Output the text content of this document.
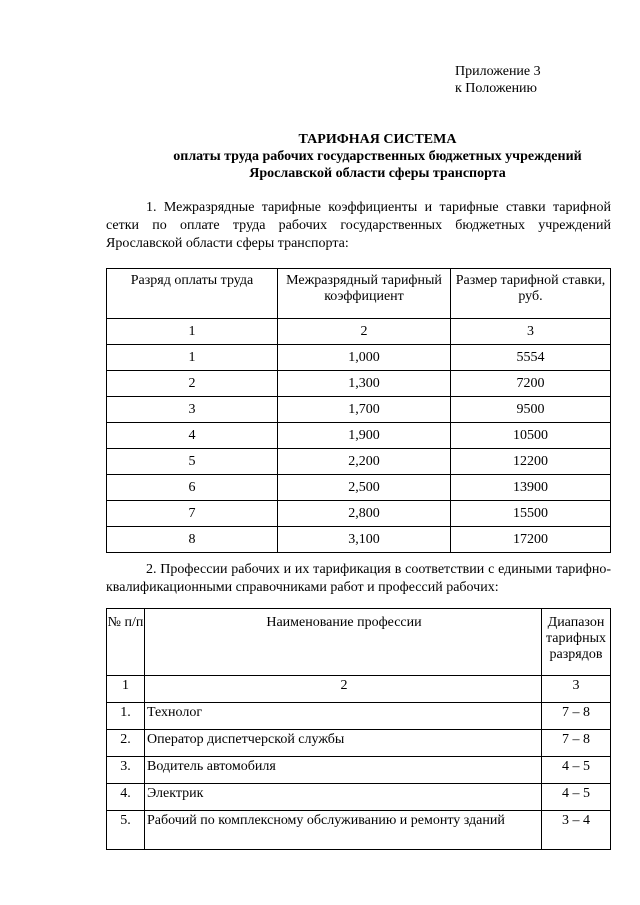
Приложение 3
к Положению
ТАРИФНАЯ СИСТЕМА
оплаты труда рабочих государственных бюджетных учреждений
Ярославской области сферы транспорта
1. Межразрядные тарифные коэффициенты и тарифные ставки тарифной сетки по оплате труда рабочих государственных бюджетных учреждений Ярославской области сферы транспорта:
Разряд оплаты труда	Межразрядный тарифный коэффициент	Размер тарифной ставки, руб.
1	2	3
1	1,000	5554
2	1,300	7200
3	1,700	9500
4	1,900	10500
5	2,200	12200
6	2,500	13900
7	2,800	15500
8	3,100	17200
2. Профессии рабочих и их тарификация в соответствии с едиными тарифно-квалификационными справочниками работ и профессий рабочих:
№ п/п	Наименование профессии	Диапазон тарифных разрядов
1	2	3
1.	Технолог	7 – 8
2.	Оператор диспетчерской службы	7 – 8
3.	Водитель автомобиля	4 – 5
4.	Электрик	4 – 5
5.	Рабочий по комплексному обслуживанию и ремонту зданий	3 – 4
